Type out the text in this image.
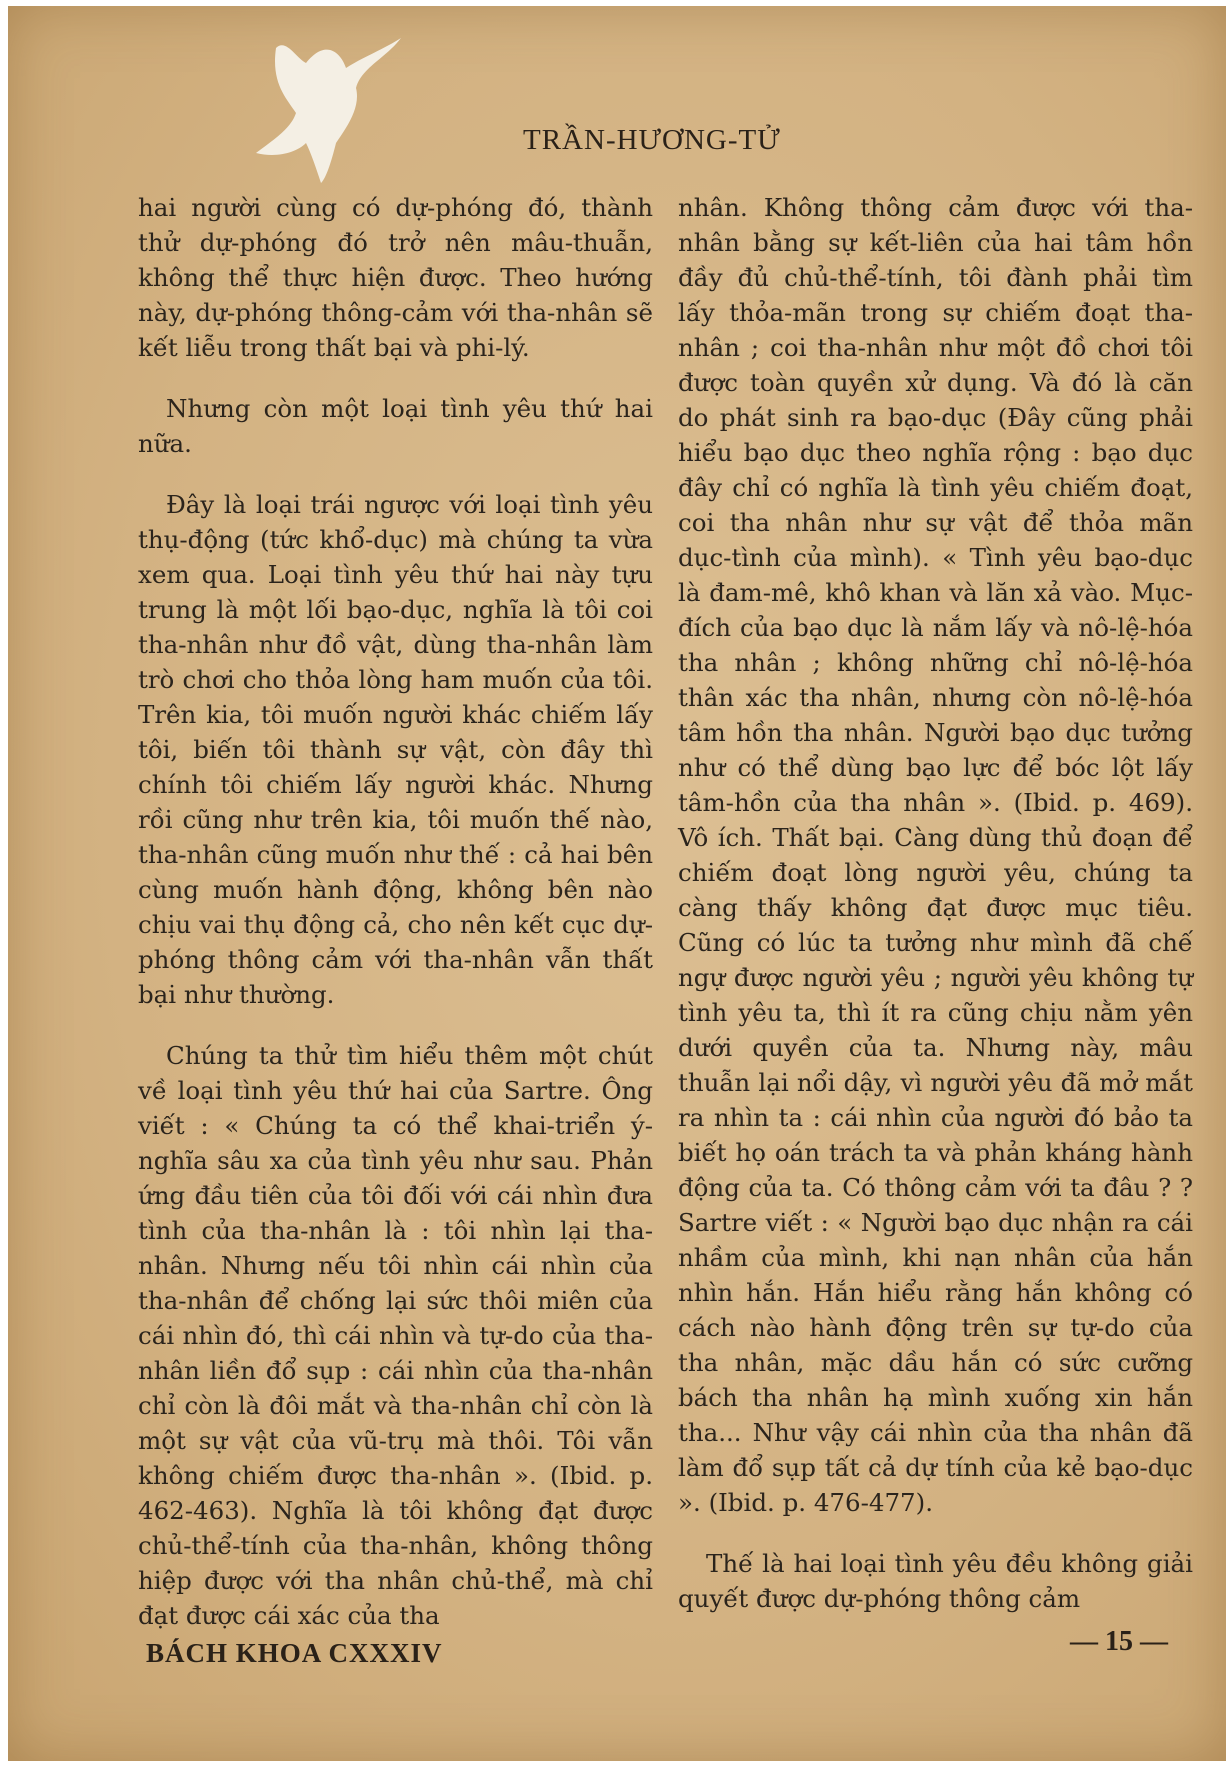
TRẦN-HƯƠNG-TỬ

hai người cùng có dự-phóng đó, thành thử dự-phóng đó trở nên mâu-thuẫn, không thể thực hiện được. Theo hướng này, dự-phóng thông-cảm với tha-nhân sẽ kết liễu trong thất bại và phi-lý.

Nhưng còn một loại tình yêu thứ hai nữa.

Đây là loại trái ngược với loại tình yêu thụ-động (tức khổ-dục) mà chúng ta vừa xem qua. Loại tình yêu thứ hai này tựu trung là một lối bạo-dục, nghĩa là tôi coi tha-nhân như đồ vật, dùng tha-nhân làm trò chơi cho thỏa lòng ham muốn của tôi. Trên kia, tôi muốn người khác chiếm lấy tôi, biến tôi thành sự vật, còn đây thì chính tôi chiếm lấy người khác. Nhưng rồi cũng như trên kia, tôi muốn thế nào, tha-nhân cũng muốn như thế : cả hai bên cùng muốn hành động, không bên nào chịu vai thụ động cả, cho nên kết cục dự-phóng thông cảm với tha-nhân vẫn thất bại như thường.

Chúng ta thử tìm hiểu thêm một chút về loại tình yêu thứ hai của Sartre. Ông viết : « Chúng ta có thể khai-triển ý-nghĩa sâu xa của tình yêu như sau. Phản ứng đầu tiên của tôi đối với cái nhìn đưa tình của tha-nhân là : tôi nhìn lại tha-nhân. Nhưng nếu tôi nhìn cái nhìn của tha-nhân để chống lại sức thôi miên của cái nhìn đó, thì cái nhìn và tự-do của tha-nhân liền đổ sụp : cái nhìn của tha-nhân chỉ còn là đôi mắt và tha-nhân chỉ còn là một sự vật của vũ-trụ mà thôi. Tôi vẫn không chiếm được tha-nhân ». (Ibid. p. 462-463). Nghĩa là tôi không đạt được chủ-thể-tính của tha-nhân, không thông hiệp được với tha nhân chủ-thể, mà chỉ đạt được cái xác của tha

nhân. Không thông cảm được với tha-nhân bằng sự kết-liên của hai tâm hồn đầy đủ chủ-thể-tính, tôi đành phải tìm lấy thỏa-mãn trong sự chiếm đoạt tha-nhân ; coi tha-nhân như một đồ chơi tôi được toàn quyền xử dụng. Và đó là căn do phát sinh ra bạo-dục (Đây cũng phải hiểu bạo dục theo nghĩa rộng : bạo dục đây chỉ có nghĩa là tình yêu chiếm đoạt, coi tha nhân như sự vật để thỏa mãn dục-tình của mình). « Tình yêu bạo-dục là đam-mê, khô khan và lăn xả vào. Mục-đích của bạo dục là nắm lấy và nô-lệ-hóa tha nhân ; không những chỉ nô-lệ-hóa thân xác tha nhân, nhưng còn nô-lệ-hóa tâm hồn tha nhân. Người bạo dục tưởng như có thể dùng bạo lực để bóc lột lấy tâm-hồn của tha nhân ». (Ibid. p. 469). Vô ích. Thất bại. Càng dùng thủ đoạn để chiếm đoạt lòng người yêu, chúng ta càng thấy không đạt được mục tiêu. Cũng có lúc ta tưởng như mình đã chế ngự được người yêu ; người yêu không tự tình yêu ta, thì ít ra cũng chịu nằm yên dưới quyền của ta. Nhưng này, mâu thuẫn lại nổi dậy, vì người yêu đã mở mắt ra nhìn ta : cái nhìn của người đó bảo ta biết họ oán trách ta và phản kháng hành động của ta. Có thông cảm với ta đâu ? ? Sartre viết : « Người bạo dục nhận ra cái nhầm của mình, khi nạn nhân của hắn nhìn hắn. Hắn hiểu rằng hắn không có cách nào hành động trên sự tự-do của tha nhân, mặc dầu hắn có sức cưỡng bách tha nhân hạ mình xuống xin hắn tha... Như vậy cái nhìn của tha nhân đã làm đổ sụp tất cả dự tính của kẻ bạo-dục ». (Ibid. p. 476-477).

Thế là hai loại tình yêu đều không giải quyết được dự-phóng thông cảm

BÁCH KHOA CXXXIV	— 15 —
